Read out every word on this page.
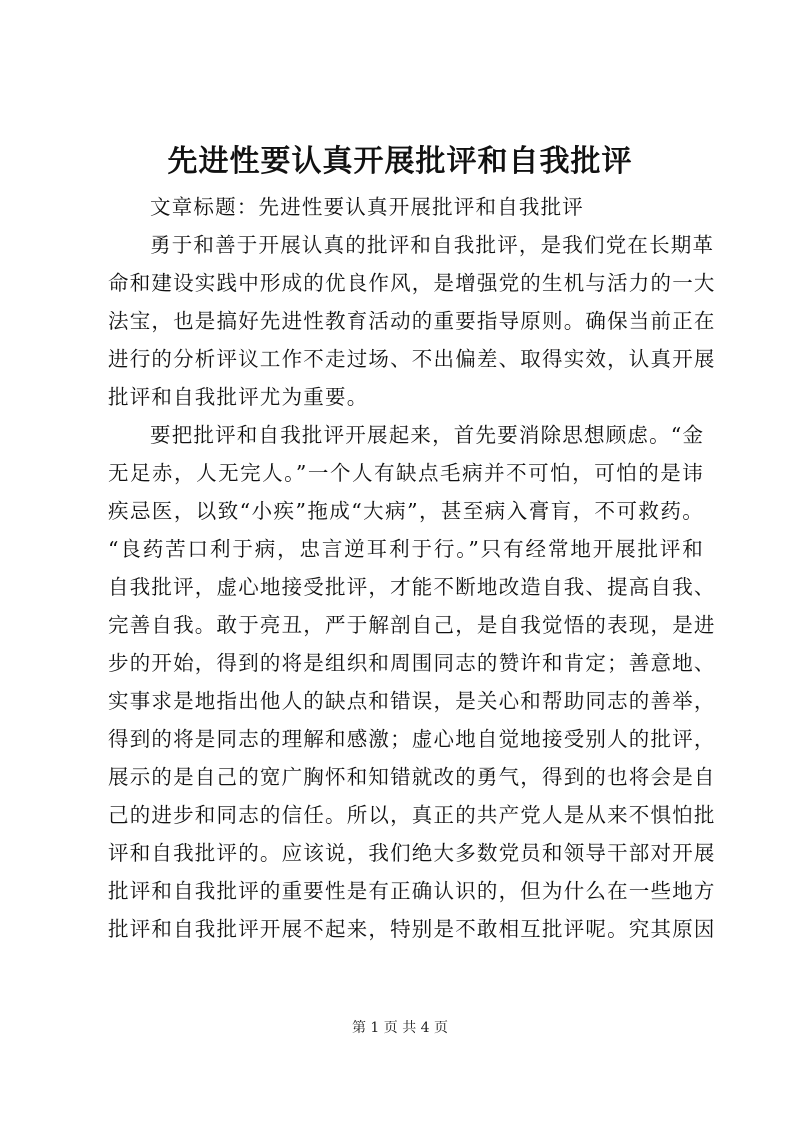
先进性要认真开展批评和自我批评
文章标题：先进性要认真开展批评和自我批评
勇于和善于开展认真的批评和自我批评，是我们党在长期革
命和建设实践中形成的优良作风，是增强党的生机与活力的一大
法宝，也是搞好先进性教育活动的重要指导原则。确保当前正在
进行的分析评议工作不走过场、不出偏差、取得实效，认真开展
批评和自我批评尤为重要。
要把批评和自我批评开展起来，首先要消除思想顾虑。“金
无足赤，人无完人。”一个人有缺点毛病并不可怕，可怕的是讳
疾忌医，以致“小疾”拖成“大病”，甚至病入膏肓，不可救药。
“良药苦口利于病，忠言逆耳利于行。”只有经常地开展批评和
自我批评，虚心地接受批评，才能不断地改造自我、提高自我、
完善自我。敢于亮丑，严于解剖自己，是自我觉悟的表现，是进
步的开始，得到的将是组织和周围同志的赞许和肯定；善意地、
实事求是地指出他人的缺点和错误，是关心和帮助同志的善举，
得到的将是同志的理解和感激；虚心地自觉地接受别人的批评，
展示的是自己的宽广胸怀和知错就改的勇气，得到的也将会是自
己的进步和同志的信任。所以，真正的共产党人是从来不惧怕批
评和自我批评的。应该说，我们绝大多数党员和领导干部对开展
批评和自我批评的重要性是有正确认识的，但为什么在一些地方
批评和自我批评开展不起来，特别是不敢相互批评呢。究其原因
第 1 页 共 4 页
